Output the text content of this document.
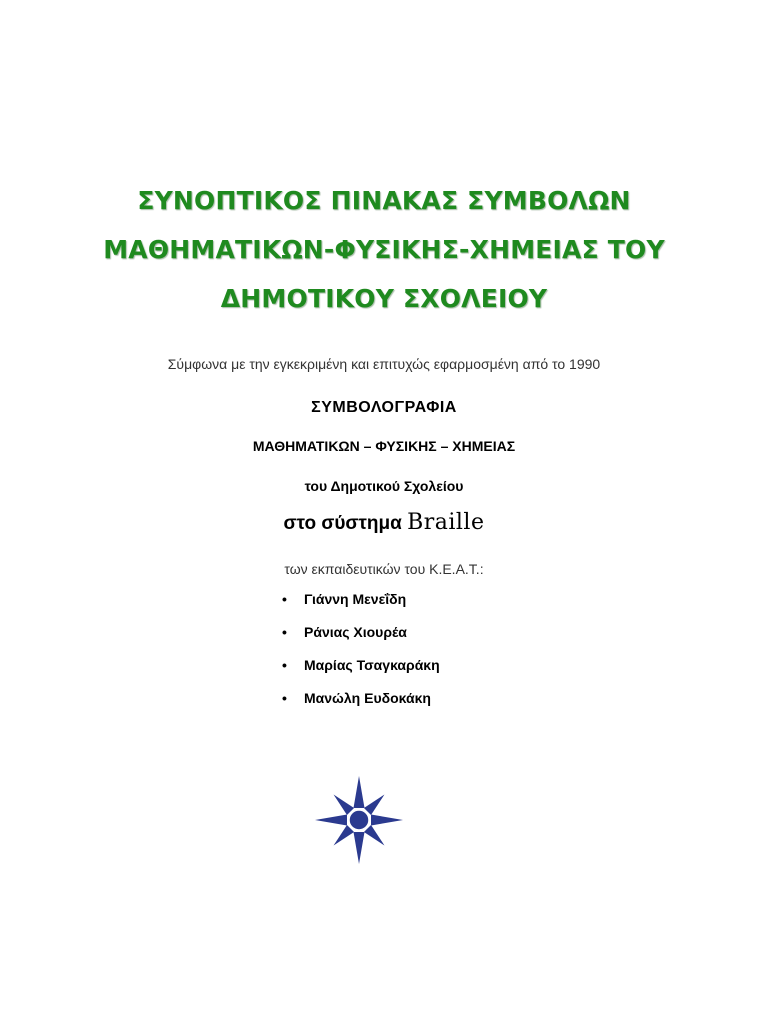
ΣΥΝΟΠΤΙΚΟΣ ΠΙΝΑΚΑΣ ΣΥΜΒΟΛΩΝ
ΜΑΘΗΜΑΤΙΚΩΝ-ΦΥΣΙΚΗΣ-ΧΗΜΕΙΑΣ ΤΟΥ
ΔΗΜΟΤΙΚΟΥ ΣΧΟΛΕΙΟΥ
Σύμφωνα με την εγκεκριμένη και επιτυχώς εφαρμοσμένη από το 1990
ΣΥΜΒΟΛΟΓΡΑΦΙΑ
ΜΑΘΗΜΑΤΙΚΩΝ – ΦΥΣΙΚΗΣ – ΧΗΜΕΙΑΣ
του Δημοτικού Σχολείου
στο σύστημα Braille
των εκπαιδευτικών του Κ.Ε.Α.Τ.:
•	Γιάννη Μενεΐδη
•	Ράνιας Χιουρέα
•	Μαρίας Τσαγκαράκη
•	Μανώλη Ευδοκάκη
